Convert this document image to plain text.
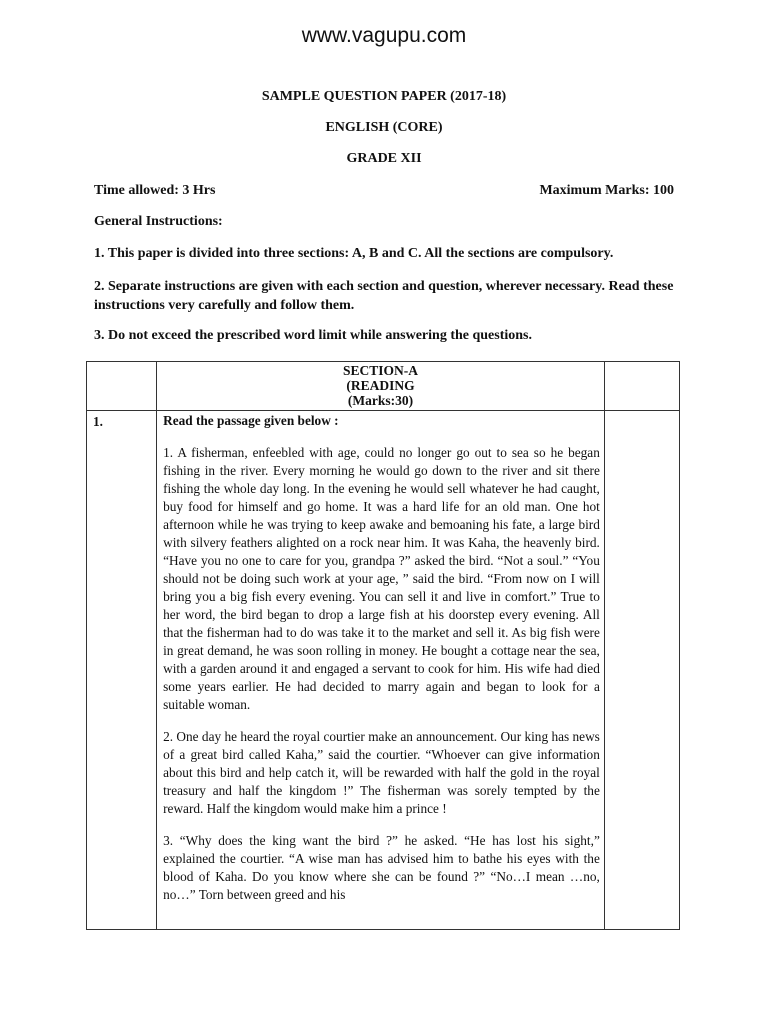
www.vagupu.com
SAMPLE QUESTION PAPER (2017-18)
ENGLISH (CORE)
GRADE XII
Time allowed: 3 Hrs	Maximum Marks: 100
General Instructions:
1. This paper is divided into three sections: A, B and C. All the sections are compulsory.
2. Separate instructions are given with each section and question, wherever necessary. Read these instructions very carefully and follow them.
3. Do not exceed the prescribed word limit while answering the questions.

	SECTION-A
(READING
(Marks:30)	

1.	Read the passage given below :

1. A fisherman, enfeebled with age, could no longer go out to sea so he began fishing in the river. Every morning he would go down to the river and sit there fishing the whole day long. In the evening he would sell whatever he had caught, buy food for himself and go home. It was a hard life for an old man. One hot afternoon while he was trying to keep awake and bemoaning his fate, a large bird with silvery feathers alighted on a rock near him. It was Kaha, the heavenly bird. “Have you no one to care for you, grandpa ?” asked the bird. “Not a soul.” “You should not be doing such work at your age, ” said the bird. “From now on I will bring you a big fish every evening. You can sell it and live in comfort.” True to her word, the bird began to drop a large fish at his doorstep every evening. All that the fisherman had to do was take it to the market and sell it. As big fish were in great demand, he was soon rolling in money. He bought a cottage near the sea, with a garden around it and engaged a servant to cook for him. His wife had died some years earlier. He had decided to marry again and began to look for a suitable woman.

2. One day he heard the royal courtier make an announcement. Our king has news of a great bird called Kaha,” said the courtier. “Whoever can give information about this bird and help catch it, will be rewarded with half the gold in the royal treasury and half the kingdom !” The fisherman was sorely tempted by the reward. Half the kingdom would make him a prince !

3. “Why does the king want the bird ?” he asked. “He has lost his sight,” explained the courtier. “A wise man has advised him to bathe his eyes with the blood of Kaha. Do you know where she can be found ?” “No…I mean …no, no…” Torn between greed and his	
